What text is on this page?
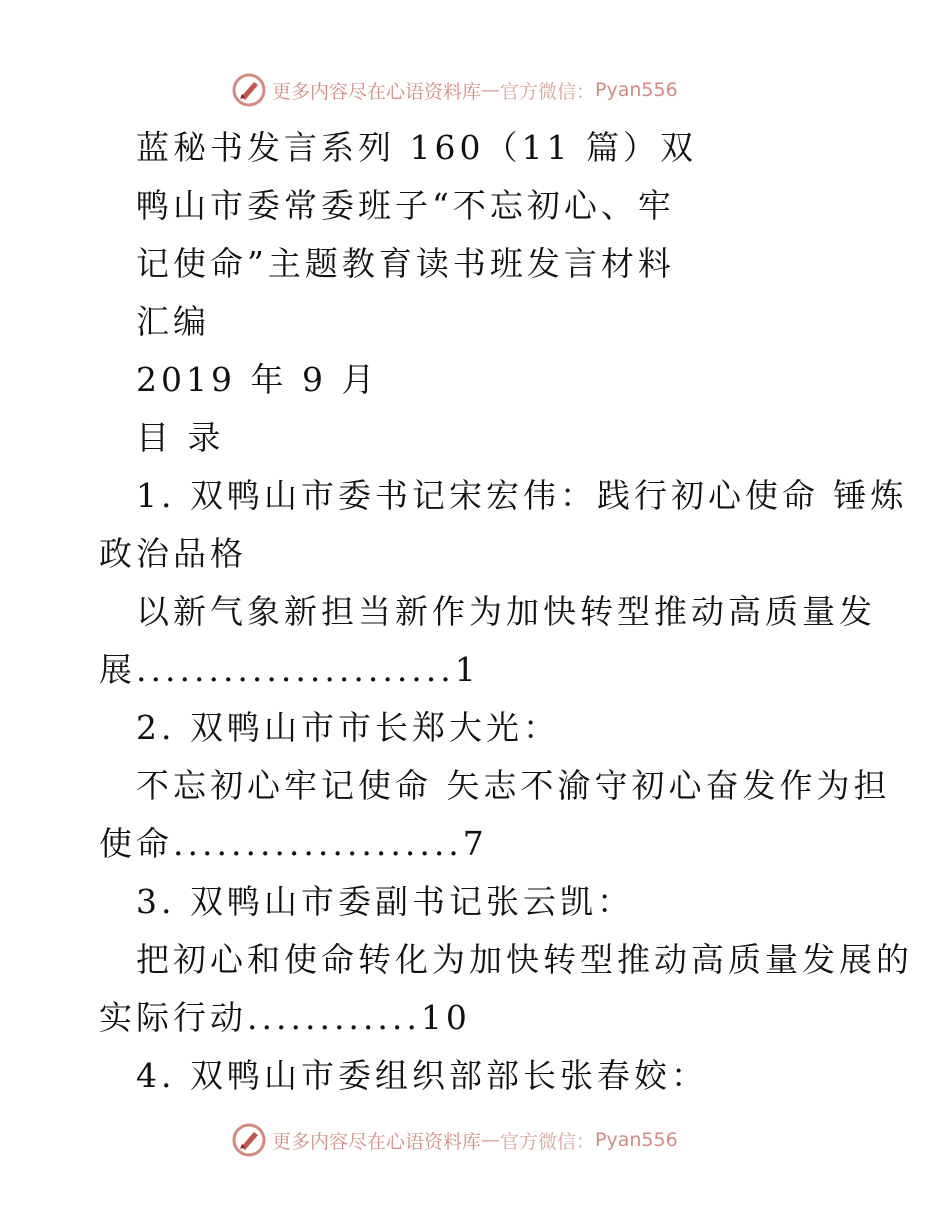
更多内容尽在心语资料库 — 官方微信： Pyan556
蓝秘书发言系列 160（11 篇）双
鸭山市委常委班子“不忘初心、牢
记使命”主题教育读书班发言材料
汇编
2019 年 9 月
目 录
1. 双鸭山市委书记宋宏伟：践行初心使命 锤炼
政治品格
以新气象新担当新作为加快转型推动高质量发
展......................1
2. 双鸭山市市长郑大光：
不忘初心牢记使命 矢志不渝守初心奋发作为担
使命....................7
3. 双鸭山市委副书记张云凯：
把初心和使命转化为加快转型推动高质量发展的
实际行动............10
4. 双鸭山市委组织部部长张春姣：
更多内容尽在心语资料库 — 官方微信： Pyan556
